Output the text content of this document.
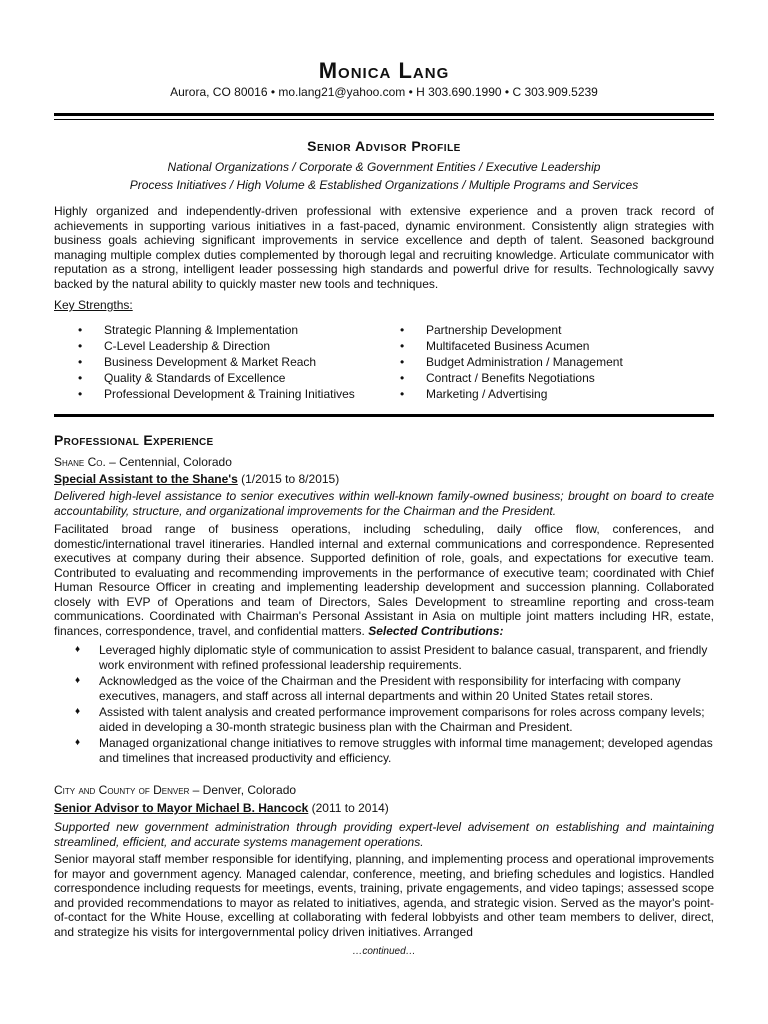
Monica Lang
Aurora, CO 80016 • mo.lang21@yahoo.com • H 303.690.1990 • C 303.909.5239
Senior Advisor Profile
National Organizations / Corporate & Government Entities / Executive Leadership
Process Initiatives / High Volume & Established Organizations / Multiple Programs and Services
Highly organized and independently-driven professional with extensive experience and a proven track record of achievements in supporting various initiatives in a fast-paced, dynamic environment. Consistently align strategies with business goals achieving significant improvements in service excellence and depth of talent. Seasoned background managing multiple complex duties complemented by thorough legal and recruiting knowledge. Articulate communicator with reputation as a strong, intelligent leader possessing high standards and powerful drive for results. Technologically savvy backed by the natural ability to quickly master new tools and techniques.
Key Strengths:
• Strategic Planning & Implementation
• C-Level Leadership & Direction
• Business Development & Market Reach
• Quality & Standards of Excellence
• Professional Development & Training Initiatives
• Partnership Development
• Multifaceted Business Acumen
• Budget Administration / Management
• Contract / Benefits Negotiations
• Marketing / Advertising
Professional Experience
Shane Co. – Centennial, Colorado
Special Assistant to the Shane's (1/2015 to 8/2015)
Delivered high-level assistance to senior executives within well-known family-owned business; brought on board to create accountability, structure, and organizational improvements for the Chairman and the President.
Facilitated broad range of business operations, including scheduling, daily office flow, conferences, and domestic/international travel itineraries. Handled internal and external communications and correspondence. Represented executives at company during their absence. Supported definition of role, goals, and expectations for executive team. Contributed to evaluating and recommending improvements in the performance of executive team; coordinated with Chief Human Resource Officer in creating and implementing leadership development and succession planning. Collaborated closely with EVP of Operations and team of Directors, Sales Development to streamline reporting and cross-team communications. Coordinated with Chairman's Personal Assistant in Asia on multiple joint matters including HR, estate, finances, correspondence, travel, and confidential matters. Selected Contributions:
♦ Leveraged highly diplomatic style of communication to assist President to balance casual, transparent, and friendly work environment with refined professional leadership requirements.
♦ Acknowledged as the voice of the Chairman and the President with responsibility for interfacing with company executives, managers, and staff across all internal departments and within 20 United States retail stores.
♦ Assisted with talent analysis and created performance improvement comparisons for roles across company levels; aided in developing a 30-month strategic business plan with the Chairman and President.
♦ Managed organizational change initiatives to remove struggles with informal time management; developed agendas and timelines that increased productivity and efficiency.
City and County of Denver – Denver, Colorado
Senior Advisor to Mayor Michael B. Hancock (2011 to 2014)
Supported new government administration through providing expert-level advisement on establishing and maintaining streamlined, efficient, and accurate systems management operations.
Senior mayoral staff member responsible for identifying, planning, and implementing process and operational improvements for mayor and government agency. Managed calendar, conference, meeting, and briefing schedules and logistics. Handled correspondence including requests for meetings, events, training, private engagements, and video tapings; assessed scope and provided recommendations to mayor as related to initiatives, agenda, and strategic vision. Served as the mayor's point-of-contact for the White House, excelling at collaborating with federal lobbyists and other team members to deliver, direct, and strategize his visits for intergovernmental policy driven initiatives. Arranged
…continued…
